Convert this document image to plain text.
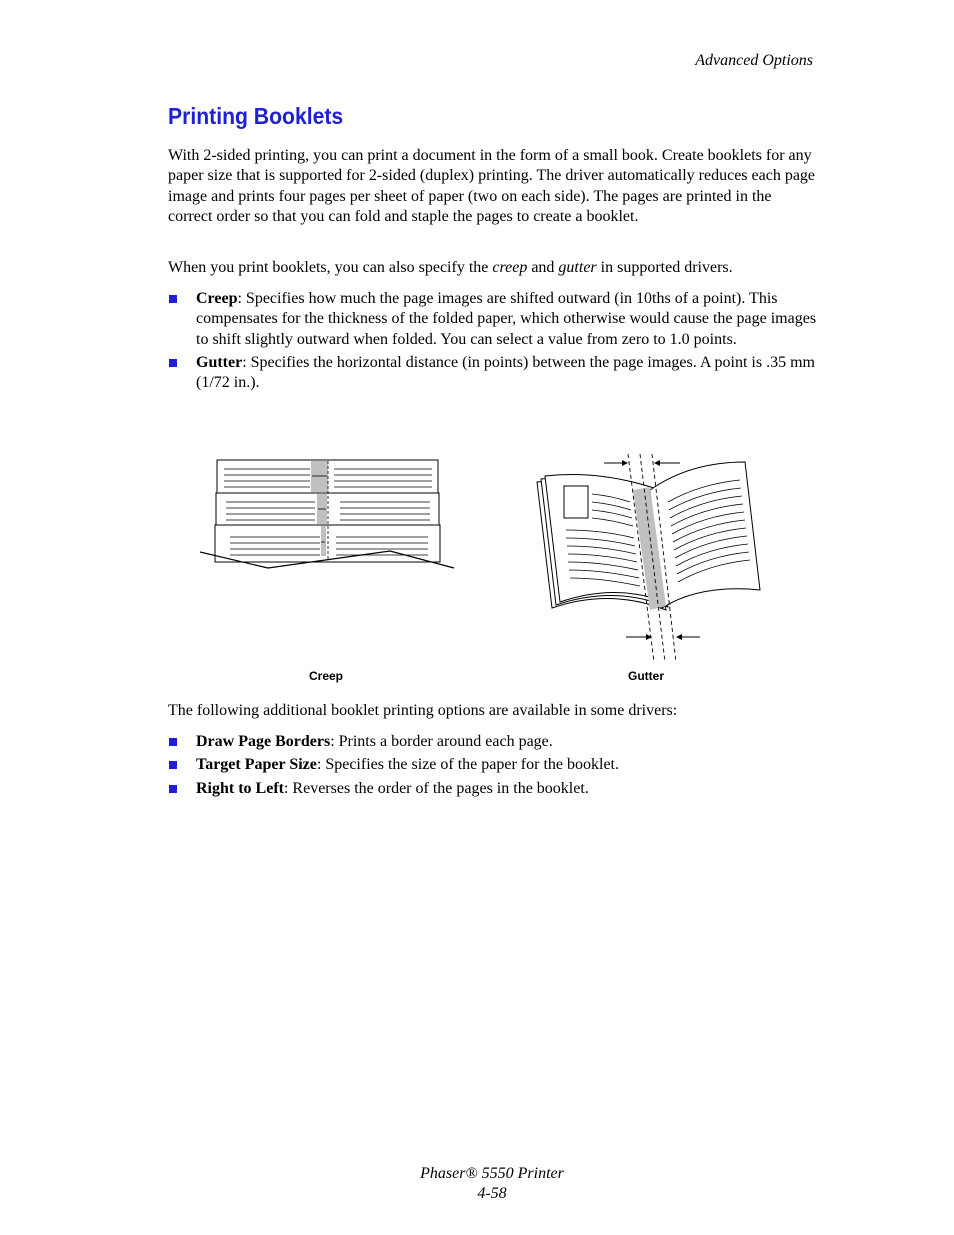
Advanced Options
Printing Booklets

With 2-sided printing, you can print a document in the form of a small book. Create booklets for any paper size that is supported for 2-sided (duplex) printing. The driver automatically reduces each page image and prints four pages per sheet of paper (two on each side). The pages are printed in the correct order so that you can fold and staple the pages to create a booklet.

When you print booklets, you can also specify the creep and gutter in supported drivers.

Creep: Specifies how much the page images are shifted outward (in 10ths of a point). This compensates for the thickness of the folded paper, which otherwise would cause the page images to shift slightly outward when folded. You can select a value from zero to 1.0 points.
Gutter: Specifies the horizontal distance (in points) between the page images. A point is .35 mm (1/72 in.).
Creep	Gutter

The following additional booklet printing options are available in some drivers:

Draw Page Borders: Prints a border around each page.
Target Paper Size: Specifies the size of the paper for the booklet.
Right to Left: Reverses the order of the pages in the booklet.
Phaser® 5550 Printer
4-58
